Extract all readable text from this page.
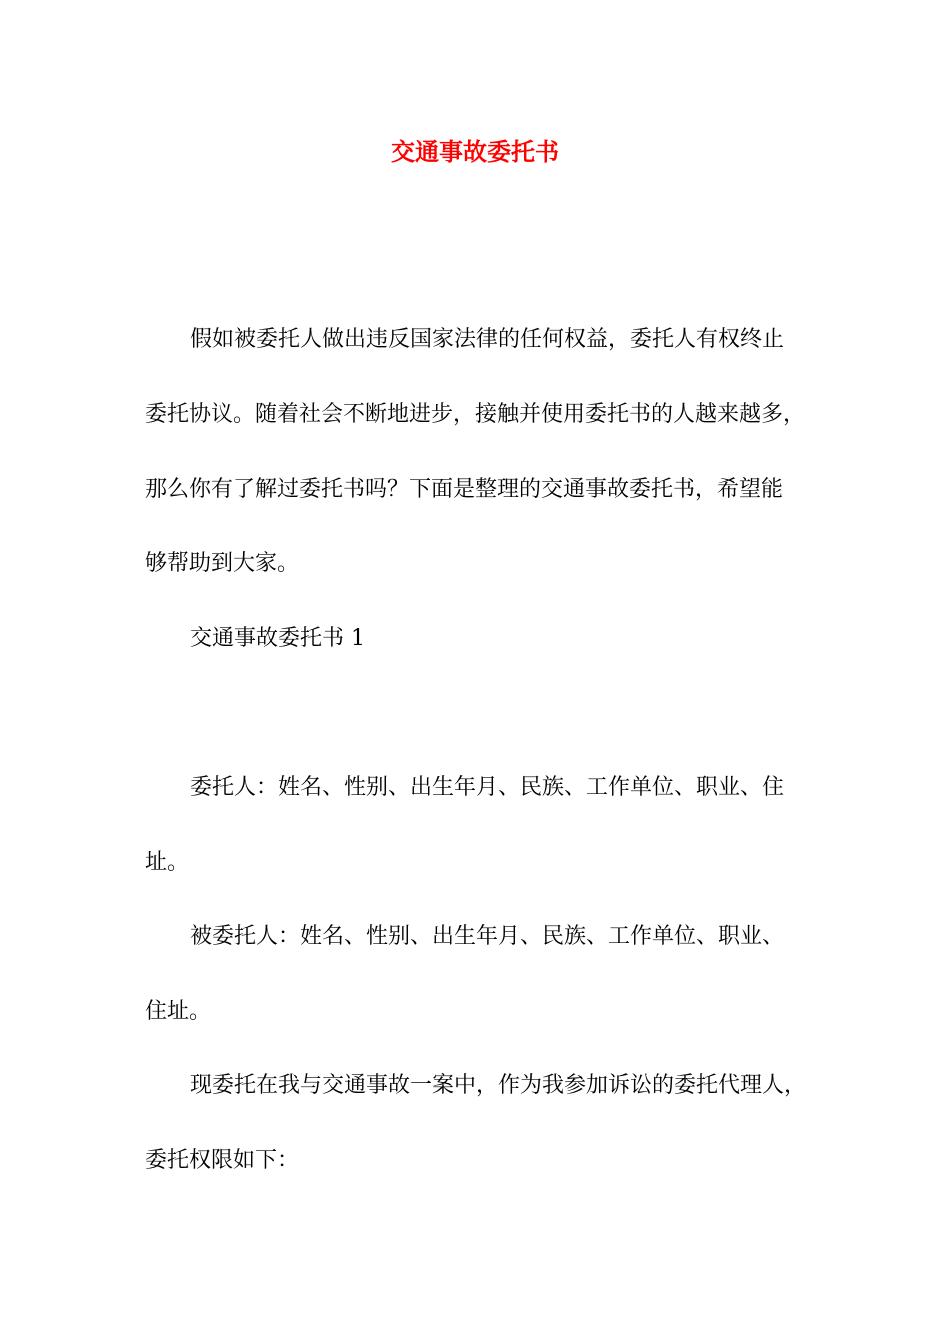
交通事故委托书
假如被委托人做出违反国家法律的任何权益，委托人有权终止
委托协议。随着社会不断地进步，接触并使用委托书的人越来越多，
那么你有了解过委托书吗？下面是整理的交通事故委托书，希望能
够帮助到大家。
交通事故委托书 1
委托人：姓名、性别、出生年月、民族、工作单位、职业、住
址。
被委托人：姓名、性别、出生年月、民族、工作单位、职业、
住址。
现委托在我与交通事故一案中，作为我参加诉讼的委托代理人，
委托权限如下：
